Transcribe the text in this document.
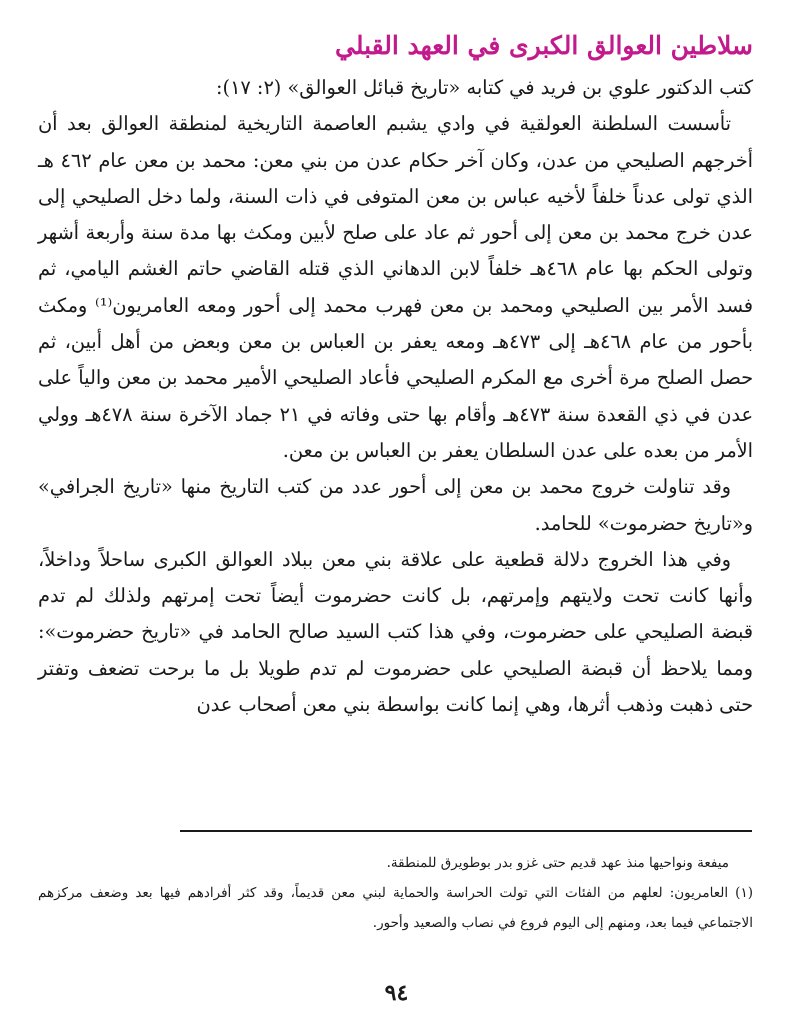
سلاطين العوالق الكبرى في العهد القبلي

كتب الدكتور علوي بن فريد في كتابه «تاريخ قبائل العوالق» (٢: ١٧):

تأسست السلطنة العولقية في وادي يشبم العاصمة التاريخية لمنطقة العوالق بعد أن أخرجهم الصليحي من عدن، وكان آخر حكام عدن من بني معن: محمد بن معن عام ٤٦٢ هـ الذي تولى عدناً خلفاً لأخيه عباس بن معن المتوفى في ذات السنة، ولما دخل الصليحي إلى عدن خرج محمد بن معن إلى أحور ثم عاد على صلح لأبين ومكث بها مدة سنة وأربعة أشهر وتولى الحكم بها عام ٤٦٨هـ خلفاً لابن الدهاني الذي قتله القاضي حاتم الغشم اليامي، ثم فسد الأمر بين الصليحي ومحمد بن معن فهرب محمد إلى أحور ومعه العامريون⁽¹⁾ ومكث بأحور من عام ٤٦٨هـ إلى ٤٧٣هـ ومعه يعفر بن العباس بن معن وبعض من أهل أبين، ثم حصل الصلح مرة أخرى مع المكرم الصليحي فأعاد الصليحي الأمير محمد بن معن والياً على عدن في ذي القعدة سنة ٤٧٣هـ وأقام بها حتى وفاته في ٢١ جماد الآخرة سنة ٤٧٨هـ وولي الأمر من بعده على عدن السلطان يعفر بن العباس بن معن.

وقد تناولت خروج محمد بن معن إلى أحور عدد من كتب التاريخ منها «تاريخ الجرافي» و«تاريخ حضرموت» للحامد.

وفي هذا الخروج دلالة قطعية على علاقة بني معن ببلاد العوالق الكبرى ساحلاً وداخلاً، وأنها كانت تحت ولايتهم وإمرتهم، بل كانت حضرموت أيضاً تحت إمرتهم ولذلك لم تدم قبضة الصليحي على حضرموت، وفي هذا كتب السيد صالح الحامد في «تاريخ حضرموت»: ومما يلاحظ أن قبضة الصليحي على حضرموت لم تدم طويلا بل ما برحت تضعف وتفتر حتى ذهبت وذهب أثرها، وهي إنما كانت بواسطة بني معن أصحاب عدن

ميفعة ونواحيها منذ عهد قديم حتى غزو بدر بوطويرق للمنطقة.

(١) العامريون: لعلهم من الفئات التي تولت الحراسة والحماية لبني معن قديماً، وقد كثر أفرادهم فيها بعد وضعف مركزهم الاجتماعي فيما بعد، ومنهم إلى اليوم فروع في نصاب والصعيد وأحور.

٩٤
